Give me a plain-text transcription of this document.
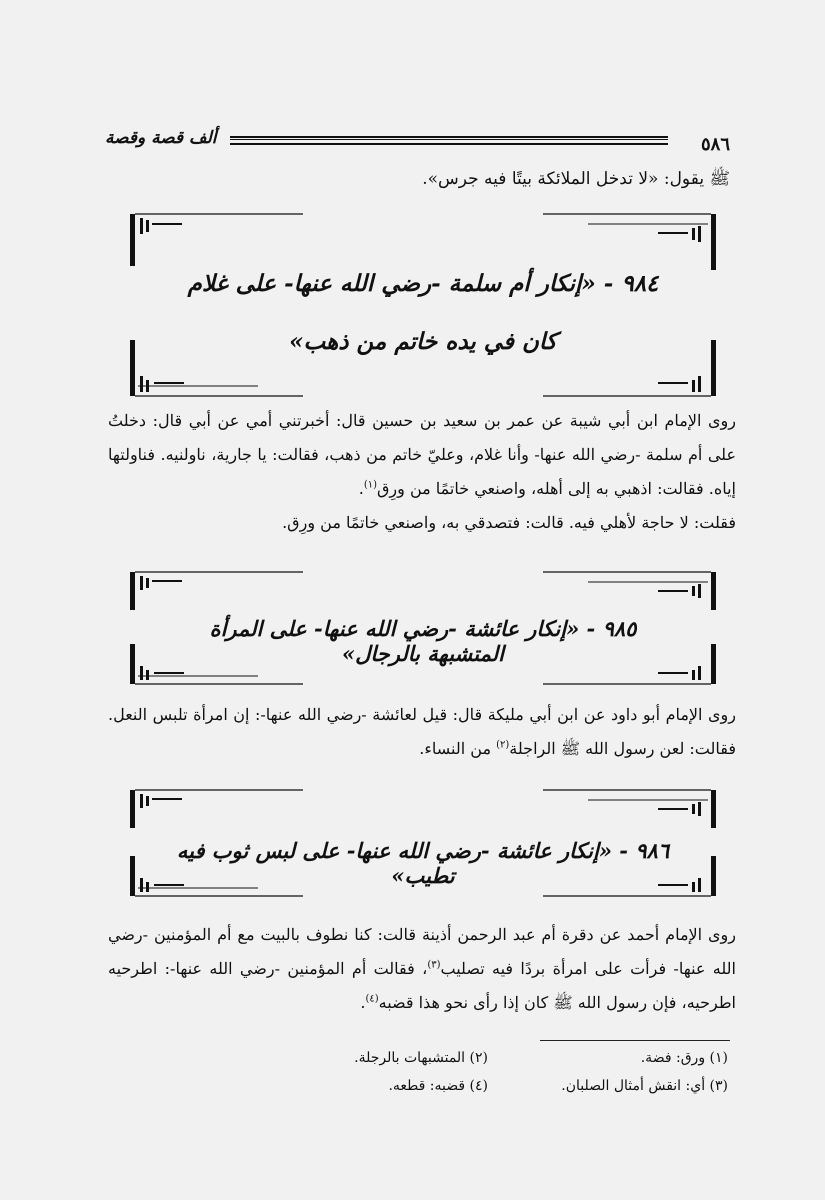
ألف قصة وقصة	٥٨٦
ﷺ يقول: «لا تدخل الملائكة بيتًا فيه جرس».
٩٨٤ - «إنكار أم سلمة -رضي الله عنها- على غلام
كان في يده خاتم من ذهب»
روى الإمام ابن أبي شيبة عن عمر بن سعيد بن حسين قال: أخبرتني أمي عن أبي قال: دخلتُ على أم سلمة -رضي الله عنها- وأنا غلام، وعليّ خاتم من ذهب، فقالت: يا جارية، ناولنيه. فناولتها إياه. فقالت: اذهبي به إلى أهله، واصنعي خاتمًا من ورِق$^{(١)}$.
فقلت: لا حاجة لأهلي فيه. قالت: فتصدقي به، واصنعي خاتمًا من ورِق.
٩٨٥ - «إنكار عائشة -رضي الله عنها- على المرأة المتشبهة بالرجال»
روى الإمام أبو داود عن ابن أبي مليكة قال: قيل لعائشة -رضي الله عنها-: إن امرأة تلبس النعل. فقالت: لعن رسول الله ﷺ الراجلة$^{(٢)}$ من النساء.
٩٨٦ - «إنكار عائشة -رضي الله عنها- على لبس ثوب فيه تطيب»
روى الإمام أحمد عن دقرة أم عبد الرحمن أذينة قالت: كنا نطوف بالبيت مع أم المؤمنين -رضي الله عنها- فرأت على امرأة بردًا فيه تصليب$^{(٣)}$، فقالت أم المؤمنين -رضي الله عنها-: اطرحيه اطرحيه، فإن رسول الله ﷺ كان إذا رأى نحو هذا قضبه$^{(٤)}$.
(١) ورق: فضة.
(٢) المتشبهات بالرجلة.
(٣) أي: انقش أمثال الصلبان.
(٤) قضبه: قطعه.
